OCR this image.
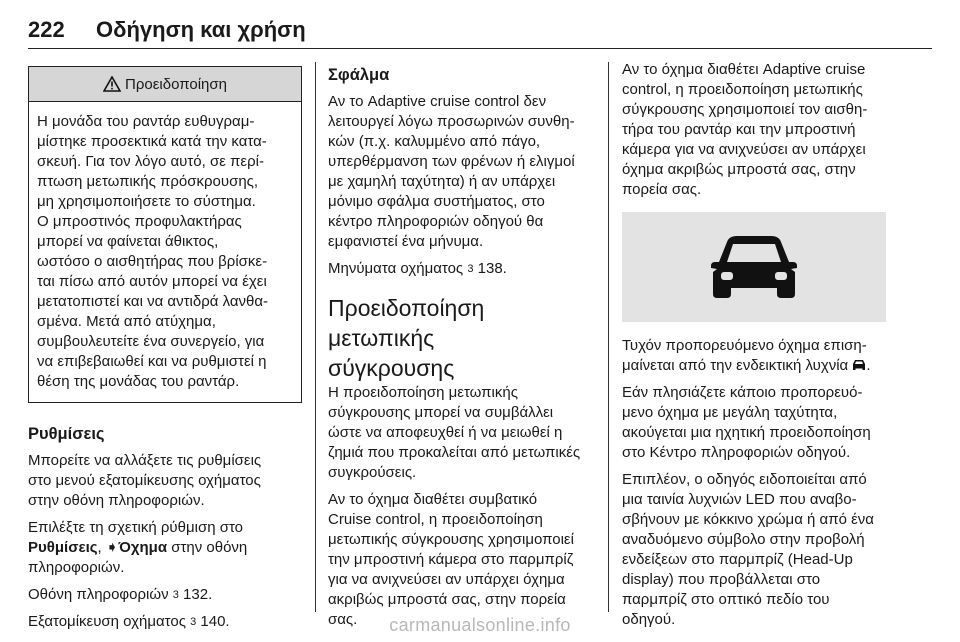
222 Οδήγηση και χρήση
Προειδοποίηση

Η μονάδα του ραντάρ ευθυγραμ-

μίστηκε προσεκτικά κατά την κατα-

σκευή. Για τον λόγο αυτό, σε περί-

πτωση μετωπικής πρόσκρουσης,

μη χρησιμοποιήσετε το σύστημα.

Ο μπροστινός προφυλακτήρας

μπορεί να φαίνεται άθικτος,

ωστόσο ο αισθητήρας που βρίσκε-

ται πίσω από αυτόν μπορεί να έχει

μετατοπιστεί και να αντιδρά λανθα-

σμένα. Μετά από ατύχημα,

συμβουλευτείτε ένα συνεργείο, για

να επιβεβαιωθεί και να ρυθμιστεί η

θέση της μονάδας του ραντάρ.

Ρυθμίσεις

Μπορείτε να αλλάξετε τις ρυθμίσεις

στο μενού εξατομίκευσης οχήματος

στην οθόνη πληροφοριών.

Επιλέξτε τη σχετική ρύθμιση στο

Ρυθμίσεις, ➧Όχημα στην οθόνη

πληροφοριών.

Οθόνη πληροφοριών 3 132.

Εξατομίκευση οχήματος 3 140.

Σφάλμα

Αν το Adaptive cruise control δεν

λειτουργεί λόγω προσωρινών συνθη-

κών (π.χ. καλυμμένο από πάγο,

υπερθέρμανση των φρένων ή ελιγμοί

με χαμηλή ταχύτητα) ή αν υπάρχει

μόνιμο σφάλμα συστήματος, στο

κέντρο πληροφοριών οδηγού θα

εμφανιστεί ένα μήνυμα.

Μηνύματα οχήματος 3 138.

Προειδοποίηση μετωπικής
σύγκρουσης

Η προειδοποίηση μετωπικής

σύγκρουσης μπορεί να συμβάλλει

ώστε να αποφευχθεί ή να μειωθεί η

ζημιά που προκαλείται από μετωπικές

συγκρούσεις.

Αν το όχημα διαθέτει συμβατικό

Cruise control, η προειδοποίηση

μετωπικής σύγκρουσης χρησιμοποιεί

την μπροστινή κάμερα στο παρμπρίζ

για να ανιχνεύσει αν υπάρχει όχημα

ακριβώς μπροστά σας, στην πορεία

σας.

Αν το όχημα διαθέτει Adaptive cruise

control, η προειδοποίηση μετωπικής

σύγκρουσης χρησιμοποιεί τον αισθη-

τήρα του ραντάρ και την μπροστινή

κάμερα για να ανιχνεύσει αν υπάρχει

όχημα ακριβώς μπροστά σας, στην

πορεία σας.

Τυχόν προπορευόμενο όχημα επιση-

μαίνεται από την ενδεικτική λυχνία .

Εάν πλησιάζετε κάποιο προπορευό-

μενο όχημα με μεγάλη ταχύτητα,

ακούγεται μια ηχητική προειδοποίηση

στο Κέντρο πληροφοριών οδηγού.

Επιπλέον, ο οδηγός ειδοποιείται από

μια ταινία λυχνιών LED που αναβο-

σβήνουν με κόκκινο χρώμα ή από ένα

αναδυόμενο σύμβολο στην προβολή

ενδείξεων στο παρμπρίζ (Head-Up

display) που προβάλλεται στο

παρμπρίζ στο οπτικό πεδίο του

οδηγού.

carmanualsonline.info
